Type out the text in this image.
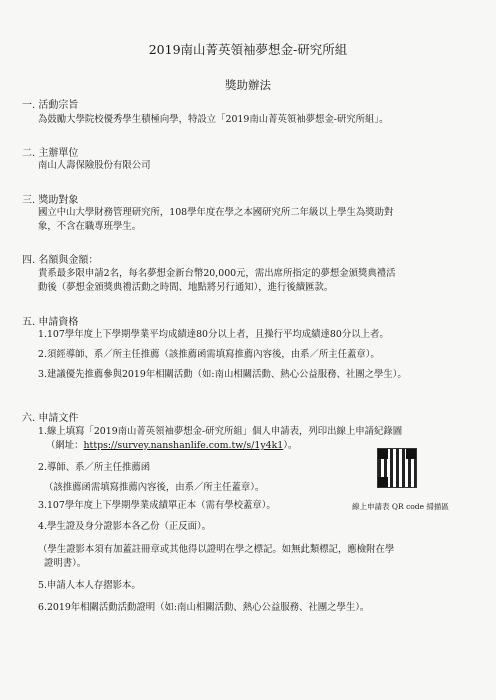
2019南山菁英領袖夢想金-研究所組
獎助辦法
一. 活動宗旨
為鼓勵大學院校優秀學生積極向學，特設立「2019南山菁英領袖夢想金-研究所組」。
二. 主辦單位
南山人壽保險股份有限公司
三. 獎助對象
國立中山大學財務管理研究所，108學年度在學之本國研究所二年級以上學生為獎助對
象，不含在職專班學生。
四. 名額與金額：
貴系最多限申請2名，每名夢想金新台幣20,000元，需出席所指定的夢想金頒獎典禮活
動後（夢想金頒獎典禮活動之時間、地點將另行通知），進行後續匯款。
五. 申請資格
1.107學年度上下學期學業平均成績達80分以上者，且操行平均成績達80分以上者。
2.須經導師、系／所主任推薦（該推薦函需填寫推薦內容後，由系／所主任蓋章）。
3.建議優先推薦參與2019年相關活動（如:南山相關活動、熱心公益服務、社團之學生）。
六. 申請文件
1.線上填寫「2019南山菁英領袖夢想金-研究所組」個人申請表，列印出線上申請紀錄圖
（網址：https://survey.nanshanlife.com.tw/s/1y4k1）。
2.導師、系／所主任推薦函
（該推薦函需填寫推薦內容後，由系／所主任蓋章）。
3.107學年度上下學期學業成績單正本（需有學校蓋章）。
4.學生證及身分證影本各乙份（正反面）。
（學生證影本須有加蓋註冊章或其他得以證明在學之標記。如無此類標記，應檢附在學
證明書）。
5.申請人本人存摺影本。
6.2019年相關活動活動證明（如:南山相關活動、熱心公益服務、社團之學生）。
線上申請表 QR code 掃描區
